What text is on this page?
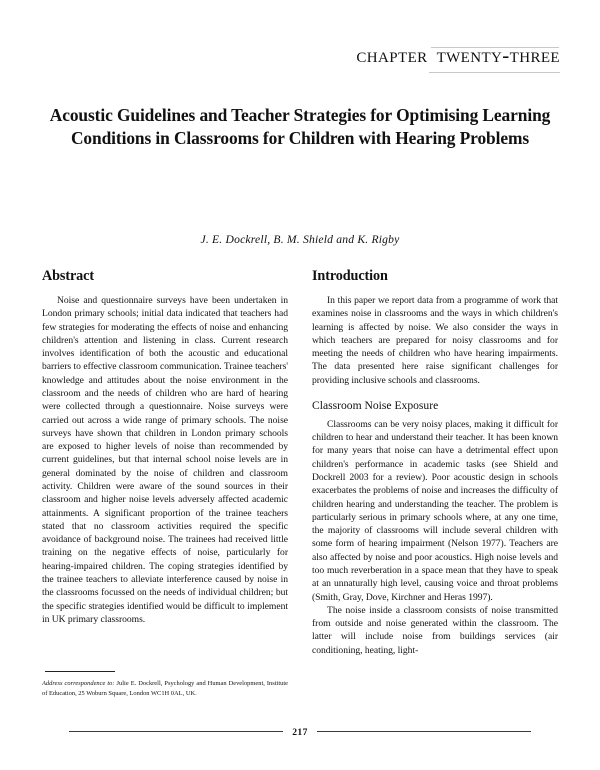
chapter twenty-three
Acoustic Guidelines and Teacher Strategies for Optimising Learning Conditions in Classrooms for Children with Hearing Problems
J. E. Dockrell, B. M. Shield and K. Rigby
Abstract

Noise and questionnaire surveys have been undertaken in London primary schools; initial data indicated that teachers had few strategies for moderating the effects of noise and enhancing children's attention and listening in class. Current research involves identification of both the acoustic and educational barriers to effective classroom communication. Trainee teachers' knowledge and attitudes about the noise environment in the classroom and the needs of children who are hard of hearing were collected through a questionnaire. Noise surveys were carried out across a wide range of primary schools. The noise surveys have shown that children in London primary schools are exposed to higher levels of noise than recommended by current guidelines, but that internal school noise levels are in general dominated by the noise of children and classroom activity. Children were aware of the sound sources in their classroom and higher noise levels adversely affected academic attainments. A significant proportion of the trainee teachers stated that no classroom activities required the specific avoidance of background noise. The trainees had received little training on the negative effects of noise, particularly for hearing-impaired children. The coping strategies identified by the trainee teachers to alleviate interference caused by noise in the classrooms focussed on the needs of individual children; but the specific strategies identified would be difficult to implement in UK primary classrooms.

Introduction

In this paper we report data from a programme of work that examines noise in classrooms and the ways in which children's learning is affected by noise. We also consider the ways in which teachers are prepared for noisy classrooms and for meeting the needs of children who have hearing impairments. The data presented here raise significant challenges for providing inclusive schools and classrooms.

Classroom Noise Exposure

Classrooms can be very noisy places, making it difficult for children to hear and understand their teacher. It has been known for many years that noise can have a detrimental effect upon children's performance in academic tasks (see Shield and Dockrell 2003 for a review). Poor acoustic design in schools exacerbates the problems of noise and increases the difficulty of children hearing and understanding the teacher. The problem is particularly serious in primary schools where, at any one time, the majority of classrooms will include several children with some form of hearing impairment (Nelson 1977). Teachers are also affected by noise and poor acoustics. High noise levels and too much reverberation in a space mean that they have to speak at an unnaturally high level, causing voice and throat problems (Smith, Gray, Dove, Kirchner and Heras 1997).

The noise inside a classroom consists of noise transmitted from outside and noise generated within the classroom. The latter will include noise from buildings services (air conditioning, heating, light-

Address correspondence to: Julie E. Dockrell, Psychology and Human Development, Institute of Education, 25 Woburn Square, London WC1H 0AL, UK.
217
